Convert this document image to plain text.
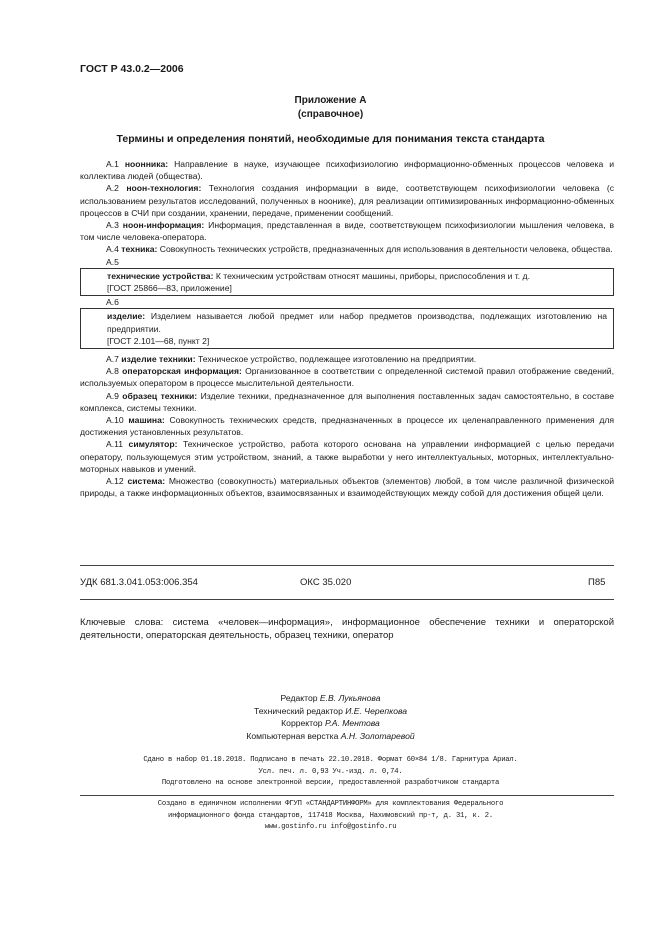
ГОСТ Р 43.0.2—2006
Приложение А
(справочное)
Термины и определения понятий, необходимые для понимания текста стандарта

А.1 ноонника: Направление в науке, изучающее психофизиологию информационно-обменных процессов человека и коллектива людей (общества).

А.2 ноон-технология: Технология создания информации в виде, соответствующем психофизиологии человека (с использованием результатов исследований, полученных в ноонике), для реализации оптимизированных информационно-обменных процессов в СЧИ при создании, хранении, передаче, применении сообщений.

А.3 ноон-информация: Информация, представленная в виде, соответствующем психофизиологии мышления человека, в том числе человека-оператора.

А.4 техника: Совокупность технических устройств, предназначенных для использования в деятельности человека, общества.

А.5

технические устройства: К техническим устройствам относят машины, приборы, приспособления и т. д.

[ГОСТ 25866—83, приложение]

А.6

изделие: Изделием называется любой предмет или набор предметов производства, подлежащих изготовлению на предприятии.

[ГОСТ 2.101—68, пункт 2]

А.7 изделие техники: Техническое устройство, подлежащее изготовлению на предприятии.

А.8 операторская информация: Организованное в соответствии с определенной системой правил отображение сведений, используемых оператором в процессе мыслительной деятельности.

А.9 образец техники: Изделие техники, предназначенное для выполнения поставленных задач самостоятельно, в составе комплекса, системы техники.

А.10 машина: Совокупность технических средств, предназначенных в процессе их целенаправленного применения для достижения установленных результатов.

А.11 симулятор: Техническое устройство, работа которого основана на управлении информацией с целью передачи оператору, пользующемуся этим устройством, знаний, а также выработки у него интеллектуальных, моторных, интеллектуально-моторных навыков и умений.

А.12 система: Множество (совокупность) материальных объектов (элементов) любой, в том числе различной физической природы, а также информационных объектов, взаимосвязанных и взаимодействующих между собой для достижения общей цели.

УДК 681.3.041.053:006.354	ОКС 35.020	П85
Ключевые слова: система «человек—информация», информационное обеспечение техники и операторской деятельности, операторская деятельность, образец техники, оператор
Редактор Е.В. Лукьянова
Технический редактор И.Е. Черепкова
Корректор Р.А. Ментова
Компьютерная верстка А.Н. Золотаревой
Сдано в набор 01.10.2018. Подписано в печать 22.10.2018. Формат 60×84 1/8. Гарнитура Ариал.
Усл. печ. л. 0,93 Уч.-изд. л. 0,74.
Подготовлено на основе электронной версии, предоставленной разработчиком стандарта
Создано в единичном исполнении ФГУП «СТАНДАРТИНФОРМ» для комплектования Федерального
информационного фонда стандартов, 117418 Москва, Нахимовский пр-т, д. 31, к. 2.
www.gostinfo.ru info@gostinfo.ru
